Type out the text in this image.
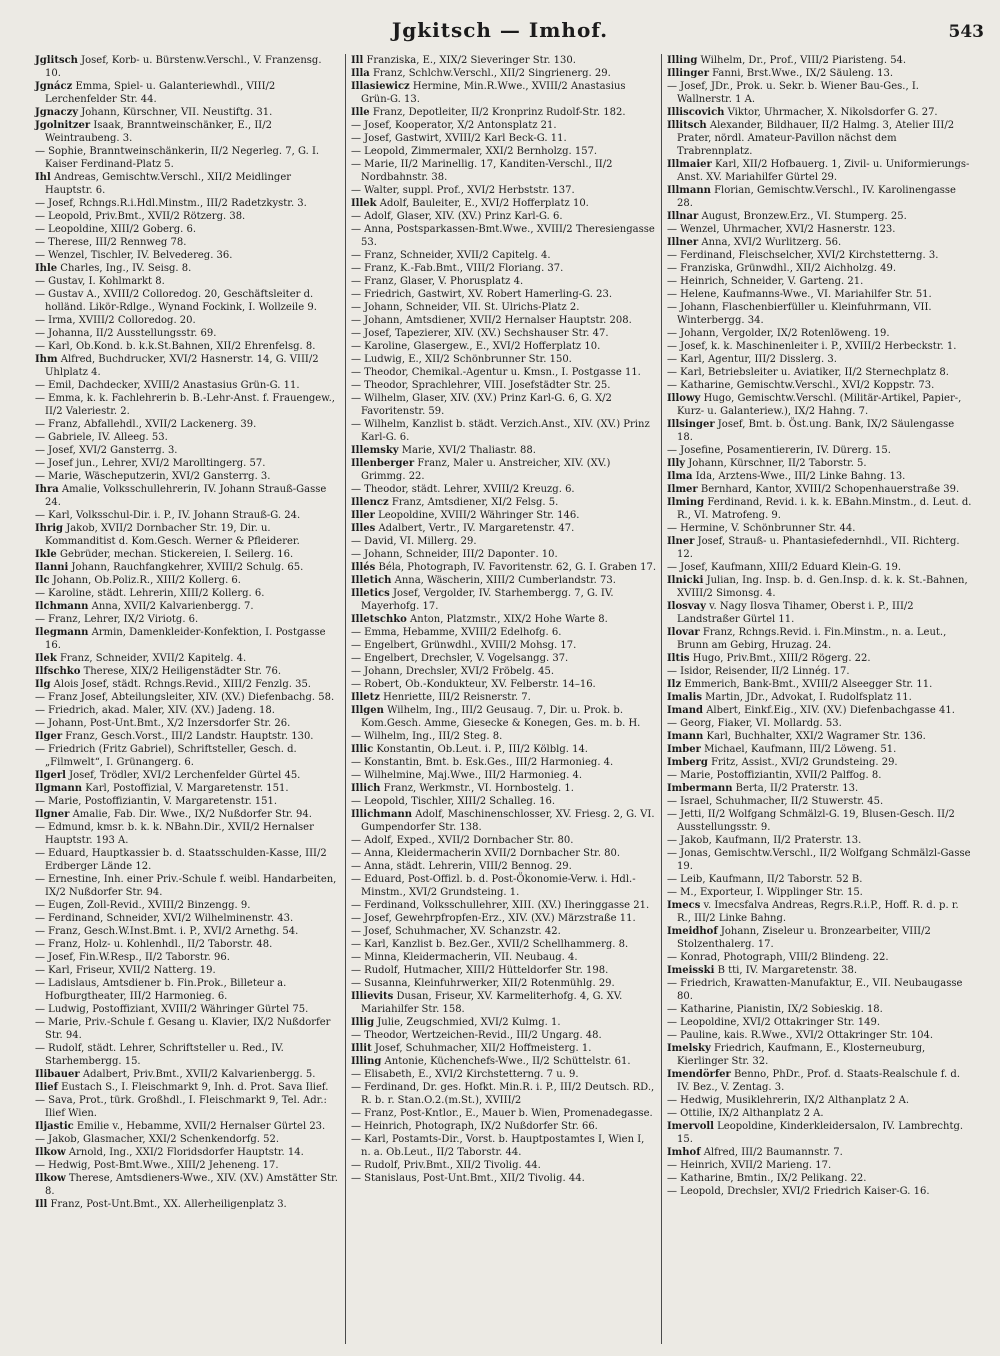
Jgkitsch — Imhof.	543

Jglitsch Josef, Korb- u. Bürstenw.Verschl., V. Franzensg. 10.

Jgnácz Emma, Spiel- u. Galanteriewhdl., VIII/2 Lerchenfelder Str. 44.

Jgnaczy Johann, Kürschner, VII. Neustiftg. 31.

Jgolnitzer Isaak, Branntweinschänker, E., II/2 Weintraubeng. 3.

— Sophie, Branntweinschänkerin, II/2 Negerleg. 7, G. I. Kaiser Ferdinand-Platz 5.

Ihl Andreas, Gemischtw.Verschl., XII/2 Meidlinger Hauptstr. 6.

— Josef, Rchngs.R.i.Hdl.Minstm., III/2 Radetzkystr. 3.

— Leopold, Priv.Bmt., XVII/2 Rötzerg. 38.

— Leopoldine, XIII/2 Goberg. 6.

— Therese, III/2 Rennweg 78.

— Wenzel, Tischler, IV. Belvedereg. 36.

Ihle Charles, Ing., IV. Seisg. 8.

— Gustav, I. Kohlmarkt 8.

— Gustav A., XVIII/2 Colloredog. 20, Geschäftsleiter d. holländ. Likör-Rdlge., Wynand Fockink, I. Wollzeile 9.

— Irma, XVIII/2 Colloredog. 20.

— Johanna, II/2 Ausstellungsstr. 69.

— Karl, Ob.Kond. b. k.k.St.Bahnen, XII/2 Ehrenfelsg. 8.

Ihm Alfred, Buchdrucker, XVI/2 Hasnerstr. 14, G. VIII/2 Uhlplatz 4.

— Emil, Dachdecker, XVIII/2 Anastasius Grün-G. 11.

— Emma, k. k. Fachlehrerin b. B.-Lehr-Anst. f. Frauengew., II/2 Valeriestr. 2.

— Franz, Abfallehdl., XVII/2 Lackenerg. 39.

— Gabriele, IV. Alleeg. 53.

— Josef, XVI/2 Gansterrg. 3.

— Josef jun., Lehrer, XVI/2 Marolltingerg. 57.

— Marie, Wäscheputzerin, XVI/2 Gansterrg. 3.

Ihra Amalie, Volksschullehrerin, IV. Johann Strauß-Gasse 24.

— Karl, Volksschul-Dir. i. P., IV. Johann Strauß-G. 24.

Ihrig Jakob, XVII/2 Dornbacher Str. 19, Dir. u. Kommanditist d. Kom.Gesch. Werner & Pfleiderer.

Ikle Gebrüder, mechan. Stickereien, I. Seilerg. 16.

Ilanni Johann, Rauchfangkehrer, XVIII/2 Schulg. 65.

Ilc Johann, Ob.Poliz.R., XIII/2 Kollerg. 6.

— Karoline, städt. Lehrerin, XIII/2 Kollerg. 6.

Ilchmann Anna, XVII/2 Kalvarienbergg. 7.

— Franz, Lehrer, IX/2 Viriotg. 6.

Ilegmann Armin, Damenkleider-Konfektion, I. Postgasse 16.

Ilek Franz, Schneider, XVII/2 Kapitelg. 4.

Ilfschko Therese, XIX/2 Heiligenstädter Str. 76.

Ilg Alois Josef, städt. Rchngs.Revid., XIII/2 Fenzlg. 35.

— Franz Josef, Abteilungsleiter, XIV. (XV.) Diefenbachg. 58.

— Friedrich, akad. Maler, XIV. (XV.) Jadeng. 18.

— Johann, Post-Unt.Bmt., X/2 Inzersdorfer Str. 26.

Ilger Franz, Gesch.Vorst., III/2 Landstr. Hauptstr. 130.

— Friedrich (Fritz Gabriel), Schriftsteller, Gesch. d. „Filmwelt“, I. Grünangerg. 6.

Ilgerl Josef, Trödler, XVI/2 Lerchenfelder Gürtel 45.

Ilgmann Karl, Postoffizial, V. Margaretenstr. 151.

— Marie, Postoffiziantin, V. Margaretenstr. 151.

Ilgner Amalie, Fab. Dir. Wwe., IX/2 Nußdorfer Str. 94.

— Edmund, kmsr. b. k. k. NBahn.Dir., XVII/2 Hernalser Hauptstr. 193 A.

— Eduard, Hauptkassier b. d. Staatsschulden-Kasse, III/2 Erdberger Lände 12.

— Ernestine, Inh. einer Priv.-Schule f. weibl. Handarbeiten, IX/2 Nußdorfer Str. 94.

— Eugen, Zoll-Revid., XVIII/2 Binzengg. 9.

— Ferdinand, Schneider, XVI/2 Wilhelminenstr. 43.

— Franz, Gesch.W.Inst.Bmt. i. P., XVI/2 Arnethg. 54.

— Franz, Holz- u. Kohlenhdl., II/2 Taborstr. 48.

— Josef, Fin.W.Resp., II/2 Taborstr. 96.

— Karl, Friseur, XVII/2 Natterg. 19.

— Ladislaus, Amtsdiener b. Fin.Prok., Billeteur a. Hofburgtheater, III/2 Harmonieg. 6.

— Ludwig, Postoffiziant, XVIII/2 Währinger Gürtel 75.

— Marie, Priv.-Schule f. Gesang u. Klavier, IX/2 Nußdorfer Str. 94.

— Rudolf, städt. Lehrer, Schriftsteller u. Red., IV. Starhembergg. 15.

Ilibauer Adalbert, Priv.Bmt., XVII/2 Kalvarienbergg. 5.

Ilief Eustach S., I. Fleischmarkt 9, Inh. d. Prot. Sava Ilief.

— Sava, Prot., türk. Großhdl., I. Fleischmarkt 9, Tel. Adr.: Ilief Wien.

Iljastic Emilie v., Hebamme, XVII/2 Hernalser Gürtel 23.

— Jakob, Glasmacher, XXI/2 Schenkendorfg. 52.

Ilkow Arnold, Ing., XXI/2 Floridsdorfer Hauptstr. 14.

— Hedwig, Post-Bmt.Wwe., XIII/2 Jeheneng. 17.

Ilkow Therese, Amtsdieners-Wwe., XIV. (XV.) Amstätter Str. 8.

Ill Franz, Post-Unt.Bmt., XX. Allerheiligenplatz 3.

Ill Franziska, E., XIX/2 Sieveringer Str. 130.

Illa Franz, Schlchw.Verschl., XII/2 Singrienerg. 29.

Illasiewicz Hermine, Min.R.Wwe., XVIII/2 Anastasius Grün-G. 13.

Ille Franz, Depotleiter, II/2 Kronprinz Rudolf-Str. 182.

— Josef, Kooperator, X/2 Antonsplatz 21.

— Josef, Gastwirt, XVIII/2 Karl Beck-G. 11.

— Leopold, Zimmermaler, XXI/2 Bernholzg. 157.

— Marie, II/2 Marinellig. 17, Kanditen-Verschl., II/2 Nordbahnstr. 38.

— Walter, suppl. Prof., XVI/2 Herbststr. 137.

Illek Adolf, Bauleiter, E., XVI/2 Hofferplatz 10.

— Adolf, Glaser, XIV. (XV.) Prinz Karl-G. 6.

— Anna, Postsparkassen-Bmt.Wwe., XVIII/2 Theresiengasse 53.

— Franz, Schneider, XVII/2 Capitelg. 4.

— Franz, K.-Fab.Bmt., VIII/2 Floriang. 37.

— Franz, Glaser, V. Phorusplatz 4.

— Friedrich, Gastwirt, XV. Robert Hamerling-G. 23.

— Johann, Schneider, VII. St. Ulrichs-Platz 2.

— Johann, Amtsdiener, XVII/2 Hernalser Hauptstr. 208.

— Josef, Tapezierer, XIV. (XV.) Sechshauser Str. 47.

— Karoline, Glasergew., E., XVI/2 Hofferplatz 10.

— Ludwig, E., XII/2 Schönbrunner Str. 150.

— Theodor, Chemikal.-Agentur u. Kmsn., I. Postgasse 11.

— Theodor, Sprachlehrer, VIII. Josefstädter Str. 25.

— Wilhelm, Glaser, XIV. (XV.) Prinz Karl-G. 6, G. X/2 Favoritenstr. 59.

— Wilhelm, Kanzlist b. städt. Verzich.Anst., XIV. (XV.) Prinz Karl-G. 6.

Illemsky Marie, XVI/2 Thaliastr. 88.

Illenberger Franz, Maler u. Anstreicher, XIV. (XV.) Grimmg. 22.

— Theodor, städt. Lehrer, XVIII/2 Kreuzg. 6.

Illencz Franz, Amtsdiener, XI/2 Felsg. 5.

Iller Leopoldine, XVIII/2 Währinger Str. 146.

Illes Adalbert, Vertr., IV. Margaretenstr. 47.

— David, VI. Millerg. 29.

— Johann, Schneider, III/2 Dapontег. 10.

Illés Béla, Photograph, IV. Favoritenstr. 62, G. I. Graben 17.

Illetich Anna, Wäscherin, XIII/2 Cumberlandstr. 73.

Illetics Josef, Vergolder, IV. Starhembergg. 7, G. IV. Mayerhofg. 17.

Illetschko Anton, Platzmstr., XIX/2 Hohe Warte 8.

— Emma, Hebamme, XVIII/2 Edelhofg. 6.

— Engelbert, Grünwdhl., XVIII/2 Mohsg. 17.

— Engelbert, Drechsler, V. Vogelsangg. 37.

— Johann, Drechsler, XVI/2 Fröbelg. 45.

— Robert, Ob.-Kondukteur, XV. Felberstr. 14–16.

Illetz Henriette, III/2 Reisnerstr. 7.

Illgen Wilhelm, Ing., III/2 Geusaug. 7, Dir. u. Prok. b. Kom.Gesch. Amme, Giesecke & Konegen, Ges. m. b. H.

— Wilhelm, Ing., III/2 Steg. 8.

Illic Konstantin, Ob.Leut. i. P., III/2 Kölblg. 14.

— Konstantin, Bmt. b. Esk.Ges., III/2 Harmonieg. 4.

— Wilhelmine, Maj.Wwe., III/2 Harmonieg. 4.

Illich Franz, Werkmstr., VI. Hornbostelg. 1.

— Leopold, Tischler, XIII/2 Schalleg. 16.

Illichmann Adolf, Maschinenschlosser, XV. Friesg. 2, G. VI. Gumpendorfer Str. 138.

— Adolf, Exped., XVII/2 Dornbacher Str. 80.

— Anna, Kleidermacherin XVII/2 Dornbacher Str. 80.

— Anna, städt. Lehrerin, VIII/2 Bennog. 29.

— Eduard, Post-Offizl. b. d. Post-Ökonomie-Verw. i. Hdl.-Minstm., XVI/2 Grundsteing. 1.

— Ferdinand, Volksschullehrer, XIII. (XV.) Iheringgasse 21.

— Josef, Gewehrpfropfen-Erz., XIV. (XV.) Märzstraße 11.

— Josef, Schuhmacher, XV. Schanzstr. 42.

— Karl, Kanzlist b. Bez.Ger., XVII/2 Schellhammerg. 8.

— Minna, Kleidermacherin, VII. Neubaug. 4.

— Rudolf, Hutmacher, XIII/2 Hütteldorfer Str. 198.

— Susanna, Kleinfuhrwerker, XII/2 Rotenmühlg. 29.

Illievits Dusan, Friseur, XV. Karmeliterhofg. 4, G. XV. Mariahilfer Str. 158.

Illig Julie, Zeugschmied, XVI/2 Kulmg. 1.

— Theodor, Wertzeichen-Revid., III/2 Ungarg. 48.

Illit Josef, Schuhmacher, XII/2 Hoffmeisterg. 1.

Illing Antonie, Küchenchefs-Wwe., II/2 Schüttelstr. 61.

— Elisabeth, E., XVI/2 Kirchstetterng. 7 u. 9.

— Ferdinand, Dr. ges. Hofkt. Min.R. i. P., III/2 Deutsch. RD., R. b. r. Stan.O.2.(m.St.), XVIII/2

— Franz, Post-Kntlor., E., Mauer b. Wien, Promenadegasse.

— Heinrich, Photograph, IX/2 Nußdorfer Str. 66.

— Karl, Postamts-Dir., Vorst. b. Hauptpostamtes I, Wien I, n. a. Ob.Leut., II/2 Taborstr. 44.

— Rudolf, Priv.Bmt., XII/2 Tivolig. 44.

— Stanislaus, Post-Unt.Bmt., XII/2 Tivolig. 44.

Illing Wilhelm, Dr., Prof., VIII/2 Piaristeng. 54.

Illinger Fanni, Brst.Wwe., IX/2 Säuleng. 13.

— Josef, JDr., Prok. u. Sekr. b. Wiener Bau-Ges., I. Wallnerstr. 1 A.

Illiscovich Viktor, Uhrmacher, X. Nikolsdorfer G. 27.

Illitsch Alexander, Bildhauer, II/2 Halmg. 3, Atelier III/2 Prater, nördl. Amateur-Pavillon nächst dem Trabrennplatz.

Illmaier Karl, XII/2 Hofbauerg. 1, Zivil- u. Uniformierungs-Anst. XV. Mariahilfer Gürtel 29.

Illmann Florian, Gemischtw.Verschl., IV. Karolinengasse 28.

Illnar August, Bronzew.Erz., VI. Stumperg. 25.

— Wenzel, Uhrmacher, XVI/2 Hasnerstr. 123.

Illner Anna, XVI/2 Wurlitzerg. 56.

— Ferdinand, Fleischselcher, XVI/2 Kirchstetterng. 3.

— Franziska, Grünwdhl., XII/2 Aichholzg. 49.

— Heinrich, Schneider, V. Garteng. 21.

— Helene, Kaufmanns-Wwe., VI. Mariahilfer Str. 51.

— Johann, Flaschenbierfüller u. Kleinfuhrmann, VII. Winterbergg. 34.

— Johann, Vergolder, IX/2 Rotenlöweng. 19.

— Josef, k. k. Maschinenleiter i. P., XVIII/2 Herbeckstr. 1.

— Karl, Agentur, III/2 Disslerg. 3.

— Karl, Betriebsleiter u. Aviatiker, II/2 Sternechplatz 8.

— Katharine, Gemischtw.Verschl., XVI/2 Koppstr. 73.

Illowy Hugo, Gemischtw.Verschl. (Militär-Artikel, Papier-, Kurz- u. Galanteriew.), IX/2 Hahng. 7.

Illsinger Josef, Bmt. b. Öst.ung. Bank, IX/2 Säulengasse 18.

— Josefine, Posamentiererin, IV. Dürerg. 15.

Illy Johann, Kürschner, II/2 Taborstr. 5.

Ilma Ida, Arztens-Wwe., III/2 Linke Bahng. 13.

Ilmer Bernhard, Kantor, XVIII/2 Schopenhauerstraße 39.

Ilming Ferdinand, Revid. i. k. k. EBahn.Minstm., d. Leut. d. R., VI. Matrofeng. 9.

— Hermine, V. Schönbrunner Str. 44.

Ilner Josef, Strauß- u. Phantasiefedernhdl., VII. Richterg. 12.

— Josef, Kaufmann, XIII/2 Eduard Klein-G. 19.

Ilnicki Julian, Ing. Insp. b. d. Gen.Insp. d. k. k. St.-Bahnen, XVIII/2 Simonsg. 4.

Ilosvay v. Nagy Ilosva Tihamer, Oberst i. P., III/2 Landstraßer Gürtel 11.

Ilovar Franz, Rchngs.Revid. i. Fin.Minstm., n. a. Leut., Brunn am Gebirg, Hruzag. 24.

Iltis Hugo, Priv.Bmt., XIII/2 Rögerg. 22.

— Isidor, Reisender, II/2 Linnég. 17.

Ilz Emmerich, Bank-Bmt., XVIII/2 Alseegger Str. 11.

Imalis Martin, JDr., Advokat, I. Rudolfsplatz 11.

Imand Albert, Einkf.Eig., XIV. (XV.) Diefenbachgasse 41.

— Georg, Fiaker, VI. Mollardg. 53.

Imann Karl, Buchhalter, XXI/2 Wagramer Str. 136.

Imber Michael, Kaufmann, III/2 Löweng. 51.

Imberg Fritz, Assist., XVI/2 Grundsteing. 29.

— Marie, Postoffiziantin, XVII/2 Palffog. 8.

Imbermann Berta, II/2 Praterstr. 13.

— Israel, Schuhmacher, II/2 Stuwerstr. 45.

— Jetti, II/2 Wolfgang Schmälzl-G. 19, Blusen-Gesch. II/2 Ausstellungsstr. 9.

— Jakob, Kaufmann, II/2 Praterstr. 13.

— Jonas, Gemischtw.Verschl., II/2 Wolfgang Schmälzl-Gasse 19.

— Leib, Kaufmann, II/2 Taborstr. 52 B.

— M., Exporteur, I. Wipplinger Str. 15.

Imecs v. Imecsfalva Andreas, Regrs.R.i.P., Hoff. R. d. p. r. R., III/2 Linke Bahng.

Imeidhof Johann, Ziseleur u. Bronzearbeiter, VIII/2 Stolzenthalerg. 17.

— Konrad, Photograph, VIII/2 Blindeng. 22.

Imeisski B tti, IV. Margaretenstr. 38.

— Friedrich, Krawatten-Manufaktur, E., VII. Neubaugasse 80.

— Katharine, Pianistin, IX/2 Sobieskig. 18.

— Leopoldine, XVI/2 Ottakringer Str. 149.

— Pauline, kais. R.Wwe., XVI/2 Ottakringer Str. 104.

Imelsky Friedrich, Kaufmann, E., Klosterneuburg, Kierlinger Str. 32.

Imendörfer Benno, PhDr., Prof. d. Staats-Realschule f. d. IV. Bez., V. Zentag. 3.

— Hedwig, Musiklehrerin, IX/2 Althanplatz 2 A.

— Ottilie, IX/2 Althanplatz 2 A.

Imervoll Leopoldine, Kinderkleidersalon, IV. Lambrechtg. 15.

Imhof Alfred, III/2 Baumannstr. 7.

— Heinrich, XVII/2 Marieng. 17.

— Katharine, Bmtin., IX/2 Pelikang. 22.

— Leopold, Drechsler, XVI/2 Friedrich Kaiser-G. 16.
